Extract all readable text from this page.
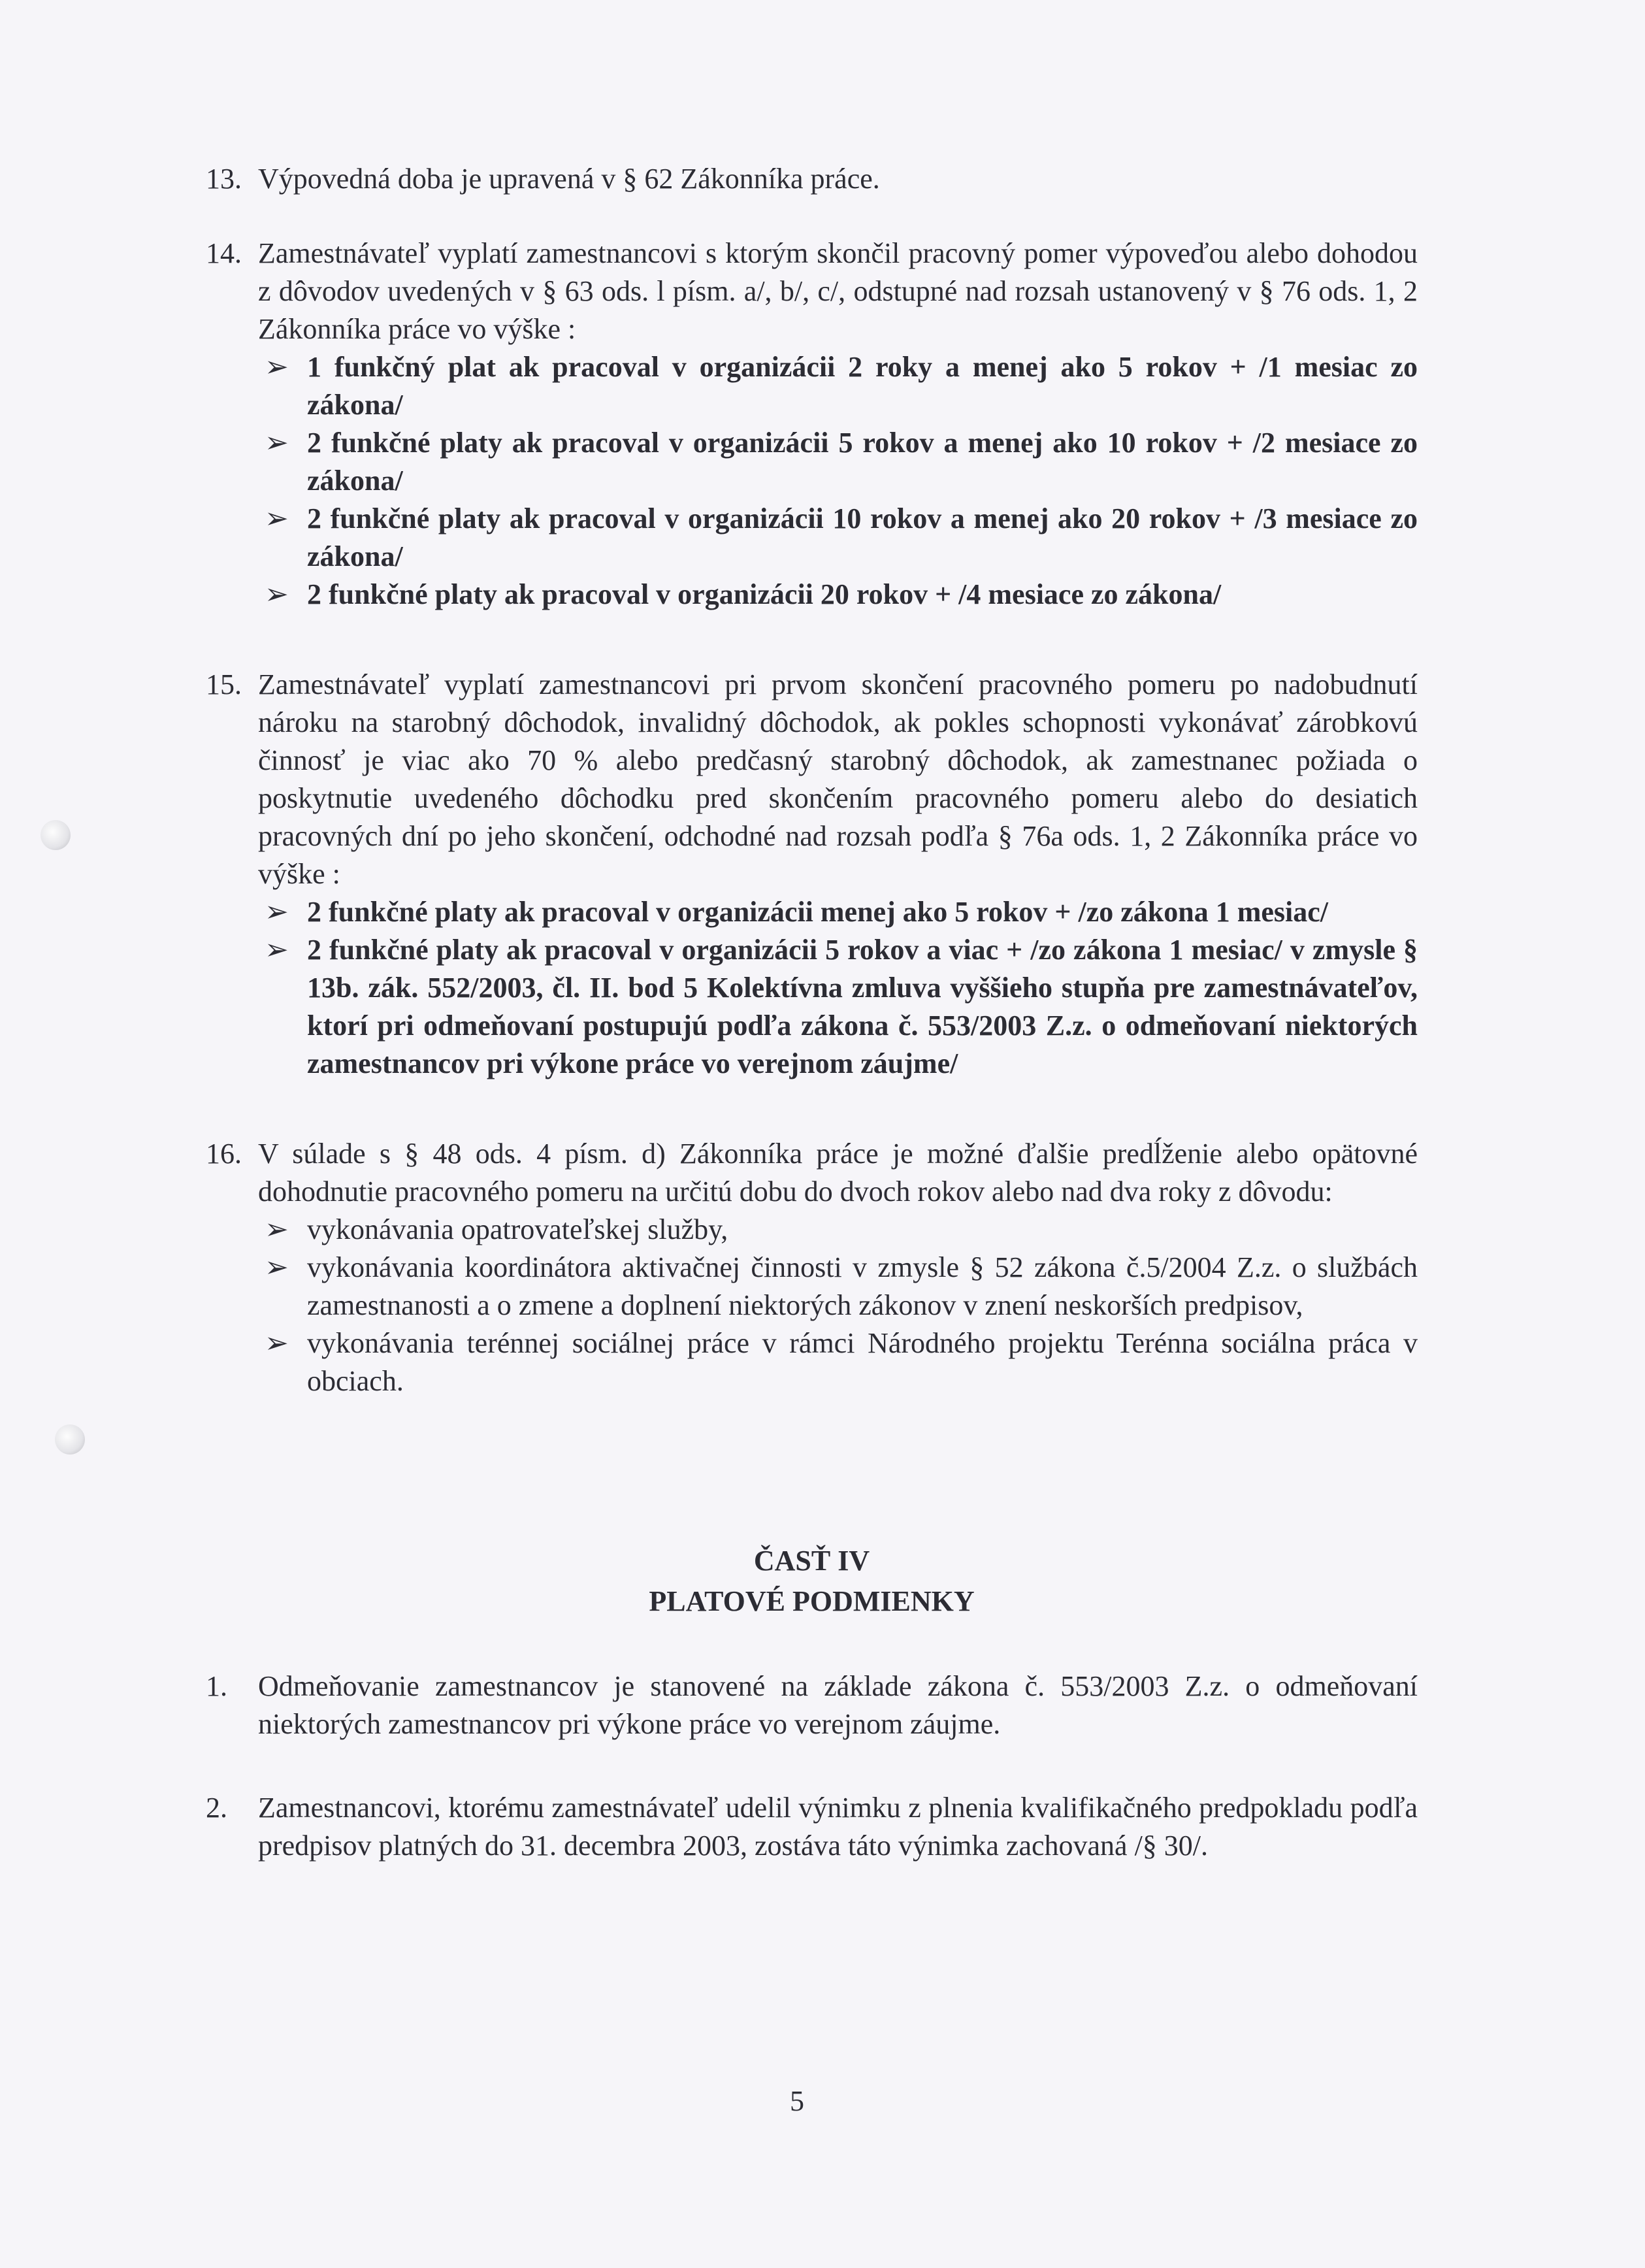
13. Výpovedná doba je upravená v § 62 Zákonníka práce.
14. Zamestnávateľ vyplatí zamestnancovi s ktorým skončil pracovný pomer výpoveďou alebo dohodou z dôvodov uvedených v § 63 ods. l písm. a/, b/, c/, odstupné nad rozsah ustanovený v § 76 ods. 1, 2 Zákonníka práce vo výške :
➢ 1 funkčný plat ak pracoval v organizácii 2 roky a menej ako 5 rokov + /1 mesiac zo zákona/
➢ 2 funkčné platy ak pracoval v organizácii 5 rokov a menej ako 10 rokov + /2 mesiace zo zákona/
➢ 2 funkčné platy ak pracoval v organizácii 10 rokov a menej ako 20 rokov + /3 mesiace zo zákona/
➢ 2 funkčné platy ak pracoval v organizácii 20 rokov + /4 mesiace zo zákona/
15. Zamestnávateľ vyplatí zamestnancovi pri prvom skončení pracovného pomeru po nadobudnutí nároku na starobný dôchodok, invalidný dôchodok, ak pokles schopnosti vykonávať zárobkovú činnosť je viac ako 70 % alebo predčasný starobný dôchodok, ak zamestnanec požiada o poskytnutie uvedeného dôchodku pred skončením pracovného pomeru alebo do desiatich pracovných dní po jeho skončení, odchodné nad rozsah podľa § 76a ods. 1, 2 Zákonníka práce vo výške :
➢ 2 funkčné platy ak pracoval v organizácii menej ako 5 rokov + /zo zákona 1 mesiac/
➢ 2 funkčné platy ak pracoval v organizácii 5 rokov a viac + /zo zákona 1 mesiac/ v zmysle § 13b. zák. 552/2003, čl. II. bod 5 Kolektívna zmluva vyššieho stupňa pre zamestnávateľov, ktorí pri odmeňovaní postupujú podľa zákona č. 553/2003 Z.z. o odmeňovaní niektorých zamestnancov pri výkone práce vo verejnom záujme/
16. V súlade s § 48 ods. 4 písm. d) Zákonníka práce je možné ďalšie predĺženie alebo opätovné dohodnutie pracovného pomeru na určitú dobu do dvoch rokov alebo nad dva roky z dôvodu:
➢ vykonávania opatrovateľskej služby,
➢ vykonávania koordinátora aktivačnej činnosti v zmysle § 52 zákona č.5/2004 Z.z. o službách zamestnanosti a o zmene a doplnení niektorých zákonov v znení neskorších predpisov,
➢ vykonávania terénnej sociálnej práce v rámci Národného projektu Terénna sociálna práca v obciach.
ČASŤ IV
PLATOVÉ PODMIENKY
1. Odmeňovanie zamestnancov je stanovené na základe zákona č. 553/2003 Z.z. o odmeňovaní niektorých zamestnancov pri výkone práce vo verejnom záujme.
2. Zamestnancovi, ktorému zamestnávateľ udelil výnimku z plnenia kvalifikačného predpokladu podľa predpisov platných do 31. decembra 2003, zostáva táto výnimka zachovaná /§ 30/.
5
